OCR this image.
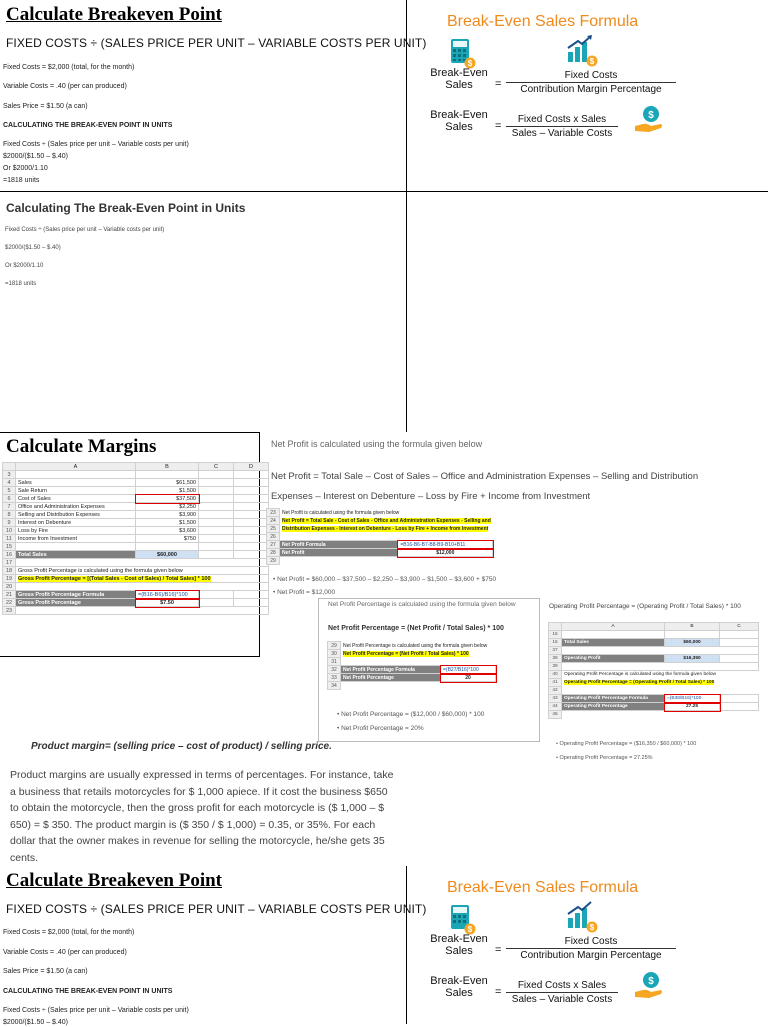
Calculate Breakeven Point
FIXED COSTS ÷ (SALES PRICE PER UNIT – VARIABLE COSTS PER UNIT)
Fixed Costs = $2,000 (total, for the month)
Variable Costs = .40 (per can produced)
Sales Price = $1.50 (a can)
CALCULATING THE BREAK-EVEN POINT IN UNITS
Fixed Costs ÷ (Sales price per unit – Variable costs per unit)
$2000/($1.50 – $.40)
Or $2000/1.10
=1818 units
Break-Even Sales Formula
$	$
Break-Even
Sales	=
Fixed Costs
Contribution Margin Percentage
Break-Even
Sales	=
Fixed Costs x Sales
Sales – Variable Costs
$
Calculating The Break-Even Point in Units
Fixed Costs ÷ (Sales price per unit – Variable costs per unit)
$2000/($1.50 – $.40)
Or $2000/1.10
=1818 units
Calculate Margins
	A	B	C	D
3				
4	Sales	$61,500		
5	Sale Return	$1,500		
6	Cost of Sales	$37,500		
7	Office and Administration Expenses	$2,250		
8	Selling and Distribution Expenses	$3,900		
9	Interest on Debenture	$1,500		
10	Loss by Fire	$3,600		
11	Income from Investment	$750		
15				
16	Total Sales	$60,000		
17				
18	Gross Profit Percentage is calculated using the formula given below			
19	Gross Profit Percentage = [(Total Sales - Cost of Sales) / Total Sales] * 100			
20				
21	Gross Profit Percentage Formula	=(B16-B6)/B16)*100		
22	Gross Profit Percentage	$7.50		
23				
Net Profit is calculated using the formula given below
Net Profit = Total Sale – Cost of Sales – Office and Administration Expenses – Selling and Distribution
Expenses – Interest on Debenture – Loss by Fire + Income from Investment
23	Net Profit is calculated using the formula given below	
24	Net Profit = Total Sale - Cost of Sales - Office and Administration Expenses - Selling and	
25	Distribution Expenses - Interest on Debenture - Loss by Fire + Income from Investment	
26		
27	Net Profit Formula	=B16-B6-B7-B8-B9-B10+B11
28	Net Profit	$12,000
29		
• Net Profit = $60,000 – $37,500 – $2,250 – $3,900 – $1,500 – $3,600 + $750
• Net Profit = $12,000
Net Profit Percentage is calculated using the formula given below
Net Profit Percentage = (Net Profit / Total Sales) * 100
29	Net Profit Percentage is calculated using the formula given below	
30	Net Profit Percentage = (Net Profit / Total Sales) * 100	
31		
32	Net Profit Percentage Formula	=(B27/B16)*100
33	Net Profit Percentage	20
34		
• Net Profit Percentage = ($12,000 / $60,000) * 100
• Net Profit Percentage = 20%
Operating Profit Percentage = (Operating Profit / Total Sales) * 100
	A	B	C
15			
16	Total Sales	$60,000	
37			
38	Operating Profit	$16,350	
39			
40	Operating Profit Percentage is calculated using the formula given below		
41	Operating Profit Percentage = (Operating Profit / Total Sales) * 100		
42			
43	Operating Profit Percentage Formula	=(B38/B16)*100	
44	Operating Profit Percentage	27.25	
45			
• Operating Profit Percentage = ($16,350 / $60,000) * 100
• Operating Profit Percentage = 27.25%
Product margin= (selling price – cost of product) / selling price.
Product margins are usually expressed in terms of percentages. For instance, take
a business that retails motorcycles for $ 1,000 apiece. If it cost the business $650
to obtain the motorcycle, then the gross profit for each motorcycle is ($ 1,000 – $
650) = $ 350. The product margin is ($ 350 / $ 1,000) = 0.35, or 35%. For each
dollar that the owner makes in revenue for selling the motorcycle, he/she gets 35
cents.
Calculate Breakeven Point
FIXED COSTS ÷ (SALES PRICE PER UNIT – VARIABLE COSTS PER UNIT)
Fixed Costs = $2,000 (total, for the month)
Variable Costs = .40 (per can produced)
Sales Price = $1.50 (a can)
CALCULATING THE BREAK-EVEN POINT IN UNITS
Fixed Costs ÷ (Sales price per unit – Variable costs per unit)
$2000/($1.50 – $.40)
Break-Even Sales Formula
$	$
Break-Even
Sales	=
Fixed Costs
Contribution Margin Percentage
Break-Even
Sales	=
Fixed Costs x Sales
Sales – Variable Costs
$
